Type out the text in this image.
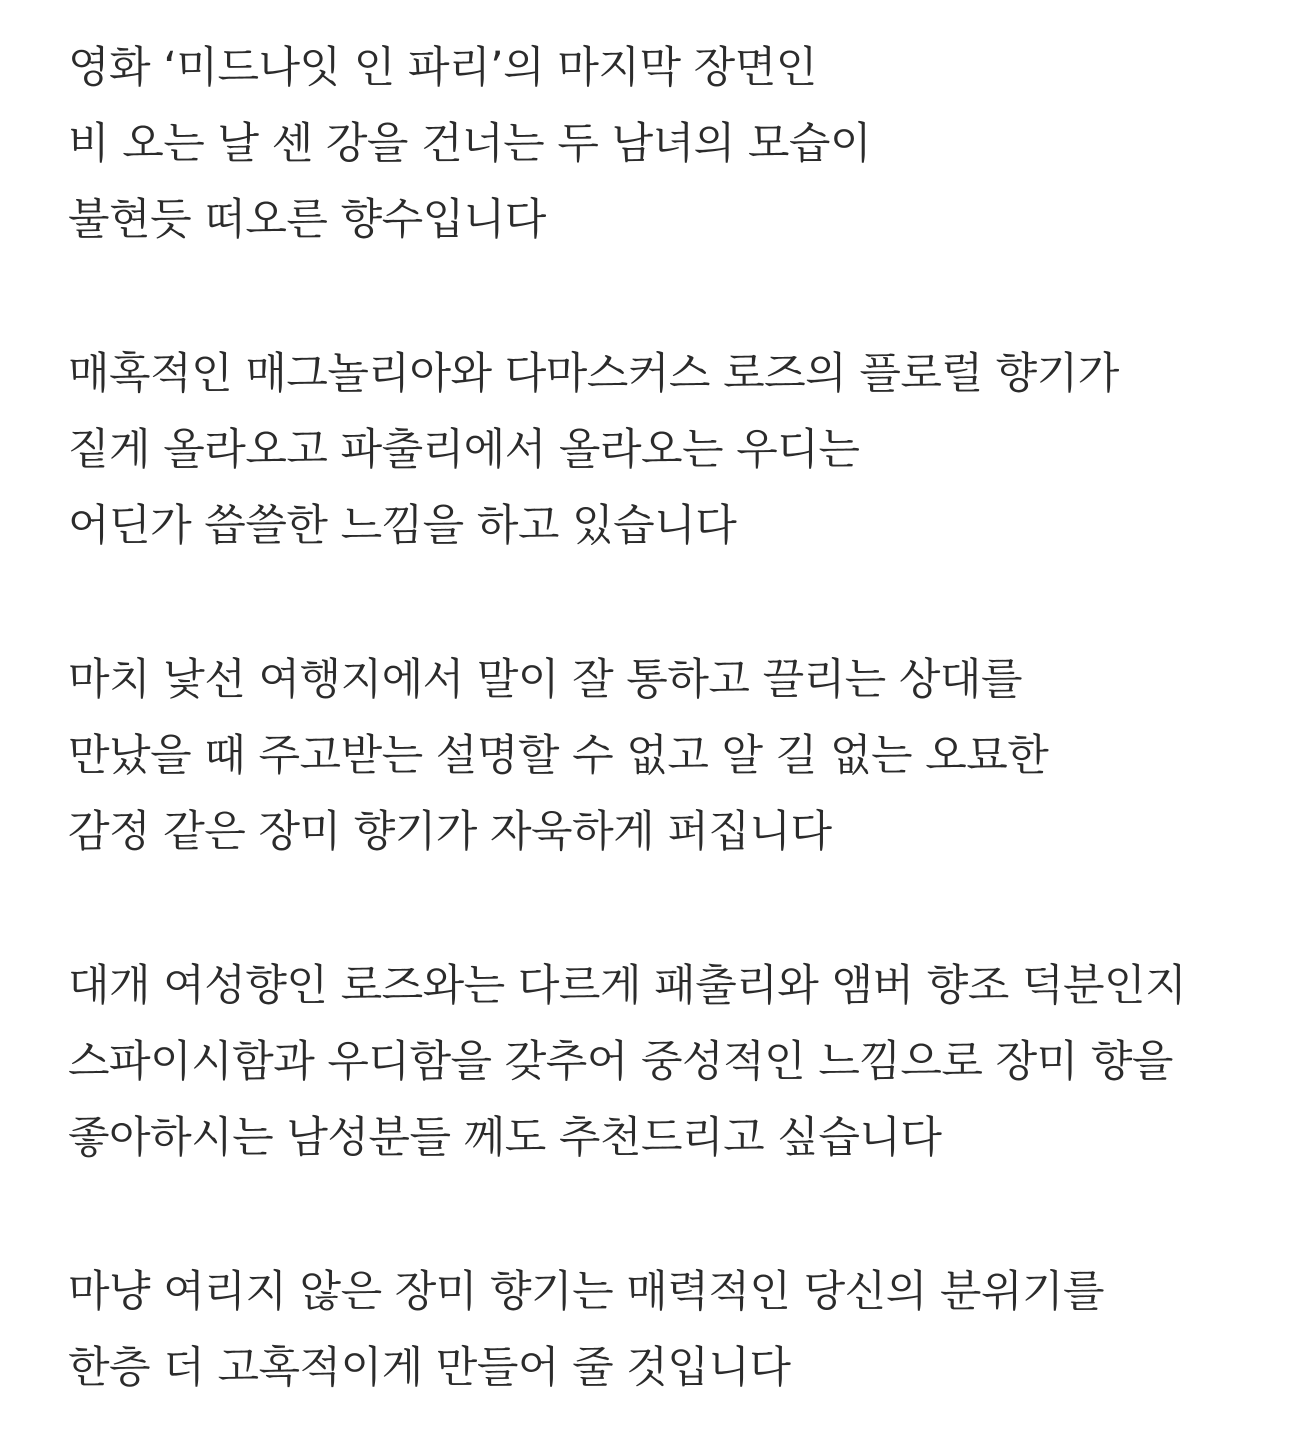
영화 ‘미드나잇 인 파리’의 마지막 장면인
비 오는 날 센 강을 건너는 두 남녀의 모습이
불현듯 떠오른 향수입니다

매혹적인 매그놀리아와 다마스커스 로즈의 플로럴 향기가
짙게 올라오고 파출리에서 올라오는 우디는
어딘가 씁쓸한 느낌을 하고 있습니다

마치 낯선 여행지에서 말이 잘 통하고 끌리는 상대를
만났을 때 주고받는 설명할 수 없고 알 길 없는 오묘한
감정 같은 장미 향기가 자욱하게 퍼집니다

대개 여성향인 로즈와는 다르게 패출리와 앰버 향조 덕분인지
스파이시함과 우디함을 갖추어 중성적인 느낌으로 장미 향을
좋아하시는 남성분들 께도 추천드리고 싶습니다

마냥 여리지 않은 장미 향기는 매력적인 당신의 분위기를
한층 더 고혹적이게 만들어 줄 것입니다
